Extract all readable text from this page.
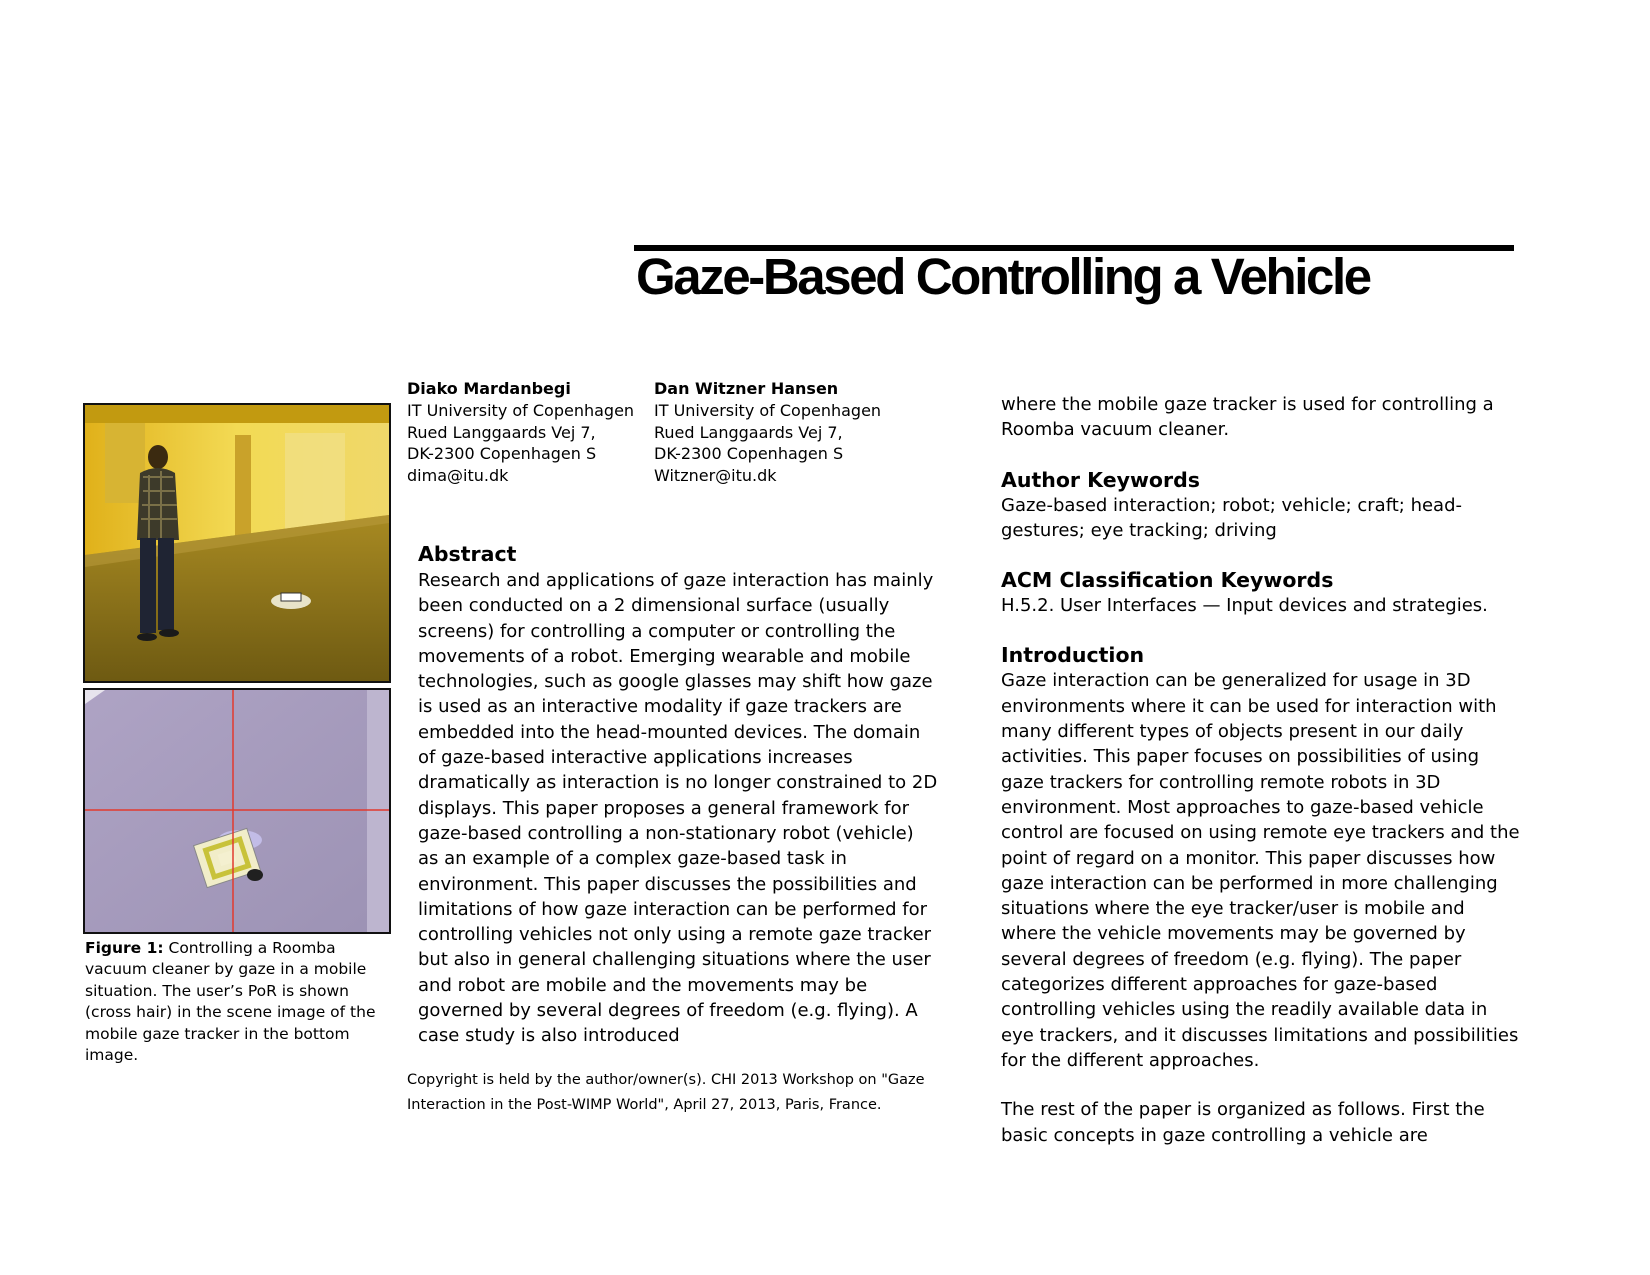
Gaze-Based Controlling a Vehicle
Diako Mardanbegi
IT University of Copenhagen
Rued Langgaards Vej 7,
DK-2300 Copenhagen S
dima@itu.dk
Dan Witzner Hansen
IT University of Copenhagen
Rued Langgaards Vej 7,
DK-2300 Copenhagen S
Witzner@itu.dk
Figure 1: Controlling a Roomba vacuum cleaner by gaze in a mobile situation. The user’s PoR is shown (cross hair) in the scene image of the mobile gaze tracker in the bottom image.
Abstract

Research and applications of gaze interaction has mainly been conducted on a 2 dimensional surface (usually screens) for controlling a computer or controlling the movements of a robot. Emerging wearable and mobile technologies, such as google glasses may shift how gaze is used as an interactive modality if gaze trackers are embedded into the head-mounted devices. The domain of gaze-based interactive applications increases dramatically as interaction is no longer constrained to 2D displays. This paper proposes a general framework for gaze-based controlling a non-stationary robot (vehicle) as an example of a complex gaze-based task in environment. This paper discusses the possibilities and limitations of how gaze interaction can be performed for controlling vehicles not only using a remote gaze tracker but also in general challenging situations where the user and robot are mobile and the movements may be governed by several degrees of freedom (e.g. flying). A case study is also introduced

Copyright is held by the author/owner(s). CHI 2013 Workshop on "Gaze Interaction in the Post-WIMP World", April 27, 2013, Paris, France.

where the mobile gaze tracker is used for controlling a Roomba vacuum cleaner.

Author Keywords

Gaze-based interaction; robot; vehicle; craft; head-gestures; eye tracking; driving

ACM Classification Keywords

H.5.2. User Interfaces — Input devices and strategies.

Introduction

Gaze interaction can be generalized for usage in 3D environments where it can be used for interaction with many different types of objects present in our daily activities. This paper focuses on possibilities of using gaze trackers for controlling remote robots in 3D environment. Most approaches to gaze-based vehicle control are focused on using remote eye trackers and the point of regard on a monitor. This paper discusses how gaze interaction can be performed in more challenging situations where the eye tracker/user is mobile and where the vehicle movements may be governed by several degrees of freedom (e.g. flying). The paper categorizes different approaches for gaze-based controlling vehicles using the readily available data in eye trackers, and it discusses limitations and possibilities for the different approaches.

The rest of the paper is organized as follows. First the basic concepts in gaze controlling a vehicle are
